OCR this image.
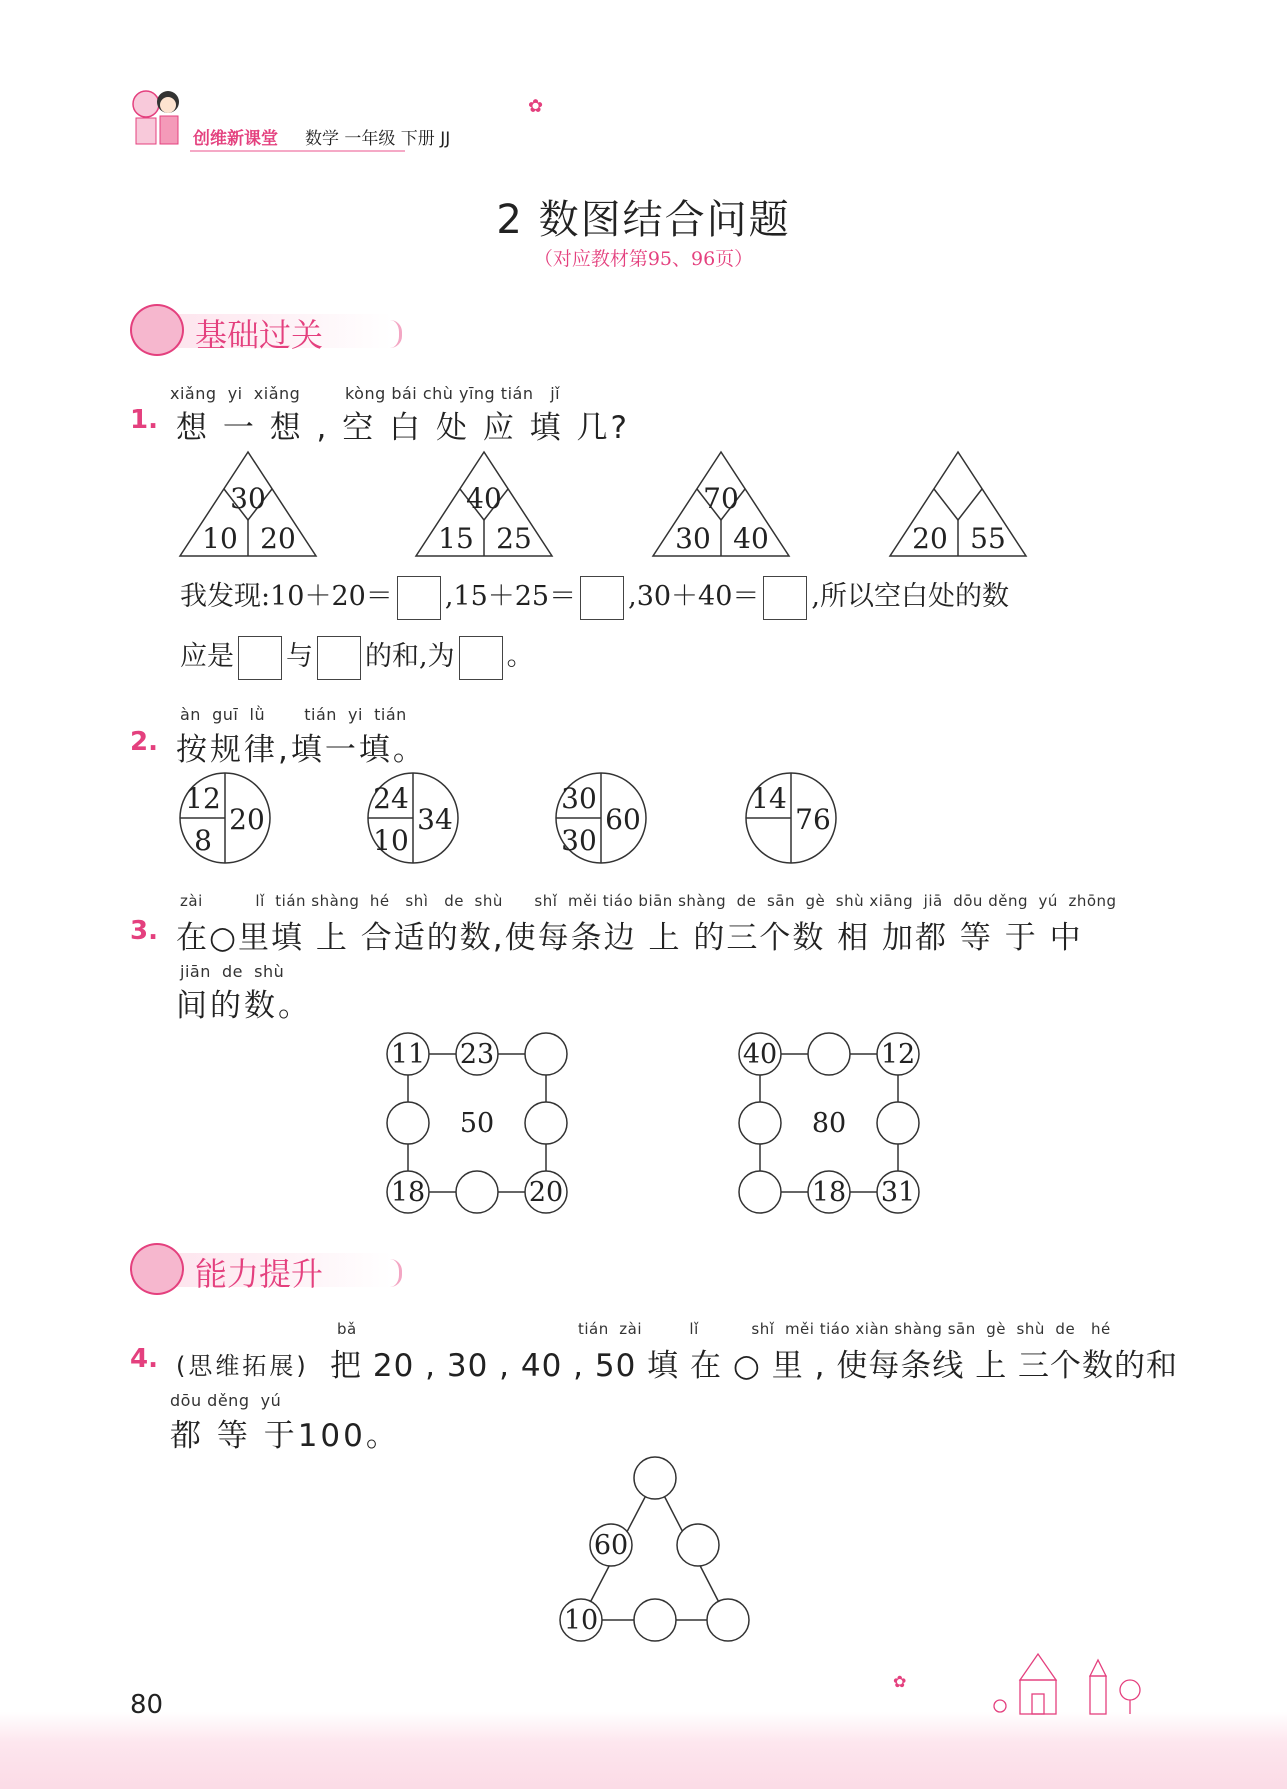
创维新课堂 数学 一年级 下册 JJ
✿
2 数图结合问题
（对应教材第95、96页）
基础过关
xiǎng  yi  xiǎng        kòng bái chù yīng tián   jǐ
1. 想 一 想 , 空 白 处 应 填 几?
30
10 20
40
15 25
70
30 40	20 55
我发现:10＋20＝ ,15＋25＝ ,30＋40＝ ,所以空白处的数
应是 与 的和,为 。
àn  guī  lǜ       tián  yi  tián
2. 按规律,填一填。
12
8
20
24
10
34
30
30
60
14
76
zài          lǐ  tián shàng  hé   shì   de  shù      shǐ  měi tiáo biān shàng  de  sān  gè  shù xiāng  jiā  dōu děng  yú  zhōng
3. 在○里填 上 合适的数,使每条边 上 的三个数 相 加都 等 于 中
jiān  de  shù
间的数。
11 23
18	20
50
40	12
18 31
80
能力提升
bǎ                                          tián  zài         lǐ          shǐ  měi tiáo xiàn shàng sān  gè  shù  de   hé
4. (思维拓展) 把 20 , 30 , 40 , 50 填 在 ○ 里 , 使每条线 上 三个数的和
dōu děng  yú
都 等 于100。
60
10
80
✿
